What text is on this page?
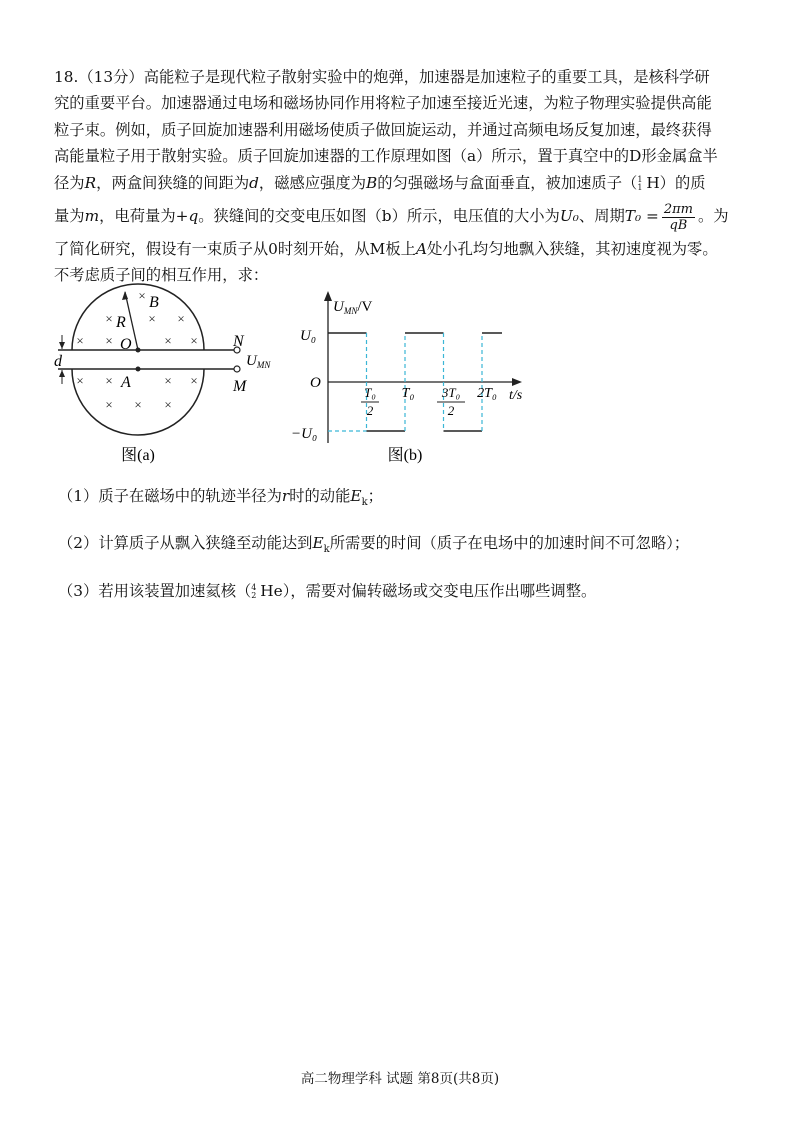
18.（13分）高能粒子是现代粒子散射实验中的炮弹，加速器是加速粒子的重要工具，是核科学研
究的重要平台。加速器通过电场和磁场协同作用将粒子加速至接近光速，为粒子物理实验提供高能
粒子束。例如，质子回旋加速器利用磁场使质子做回旋运动，并通过高频电场反复加速，最终获得
高能量粒子用于散射实验。质子回旋加速器的工作原理如图（a）所示，置于真空中的D形金属盒半
径为R，两盒间狭缝的间距为d，磁感应强度为B的匀强磁场与盒面垂直，被加速质子（ 1
1 H）的质
量为m，电荷量为+q。狭缝间的交变电压如图（b）所示，电压值的大小为U₀、周期$T_0 = \frac{2\pi m}{qB}$ 。为
了简化研究，假设有一束质子从0时刻开始，从M板上A处小孔均匀地飘入狭缝，其初速度视为零。
不考虑质子间的相互作用，求：
×
×	× ×
× ×	× ×
× ×	× ×
× × ×
B
R
O
A
d
N
M
$U_{MN}$
图(a)
$U_{MN}/V$
O
U₀
−U₀
T₀
2
T₀ 3T₀
2
2T₀ t/s
图(b)
（1）质子在磁场中的轨迹半径为r时的动能$E_k$；
（2）计算质子从飘入狭缝至动能达到$E_k$所需要的时间（质子在电场中的加速时间不可忽略）；
（3）若用该装置加速氦核（ 4
2 He），需要对偏转磁场或交变电压作出哪些调整。
高二物理学科 试题 第8页(共8页)
